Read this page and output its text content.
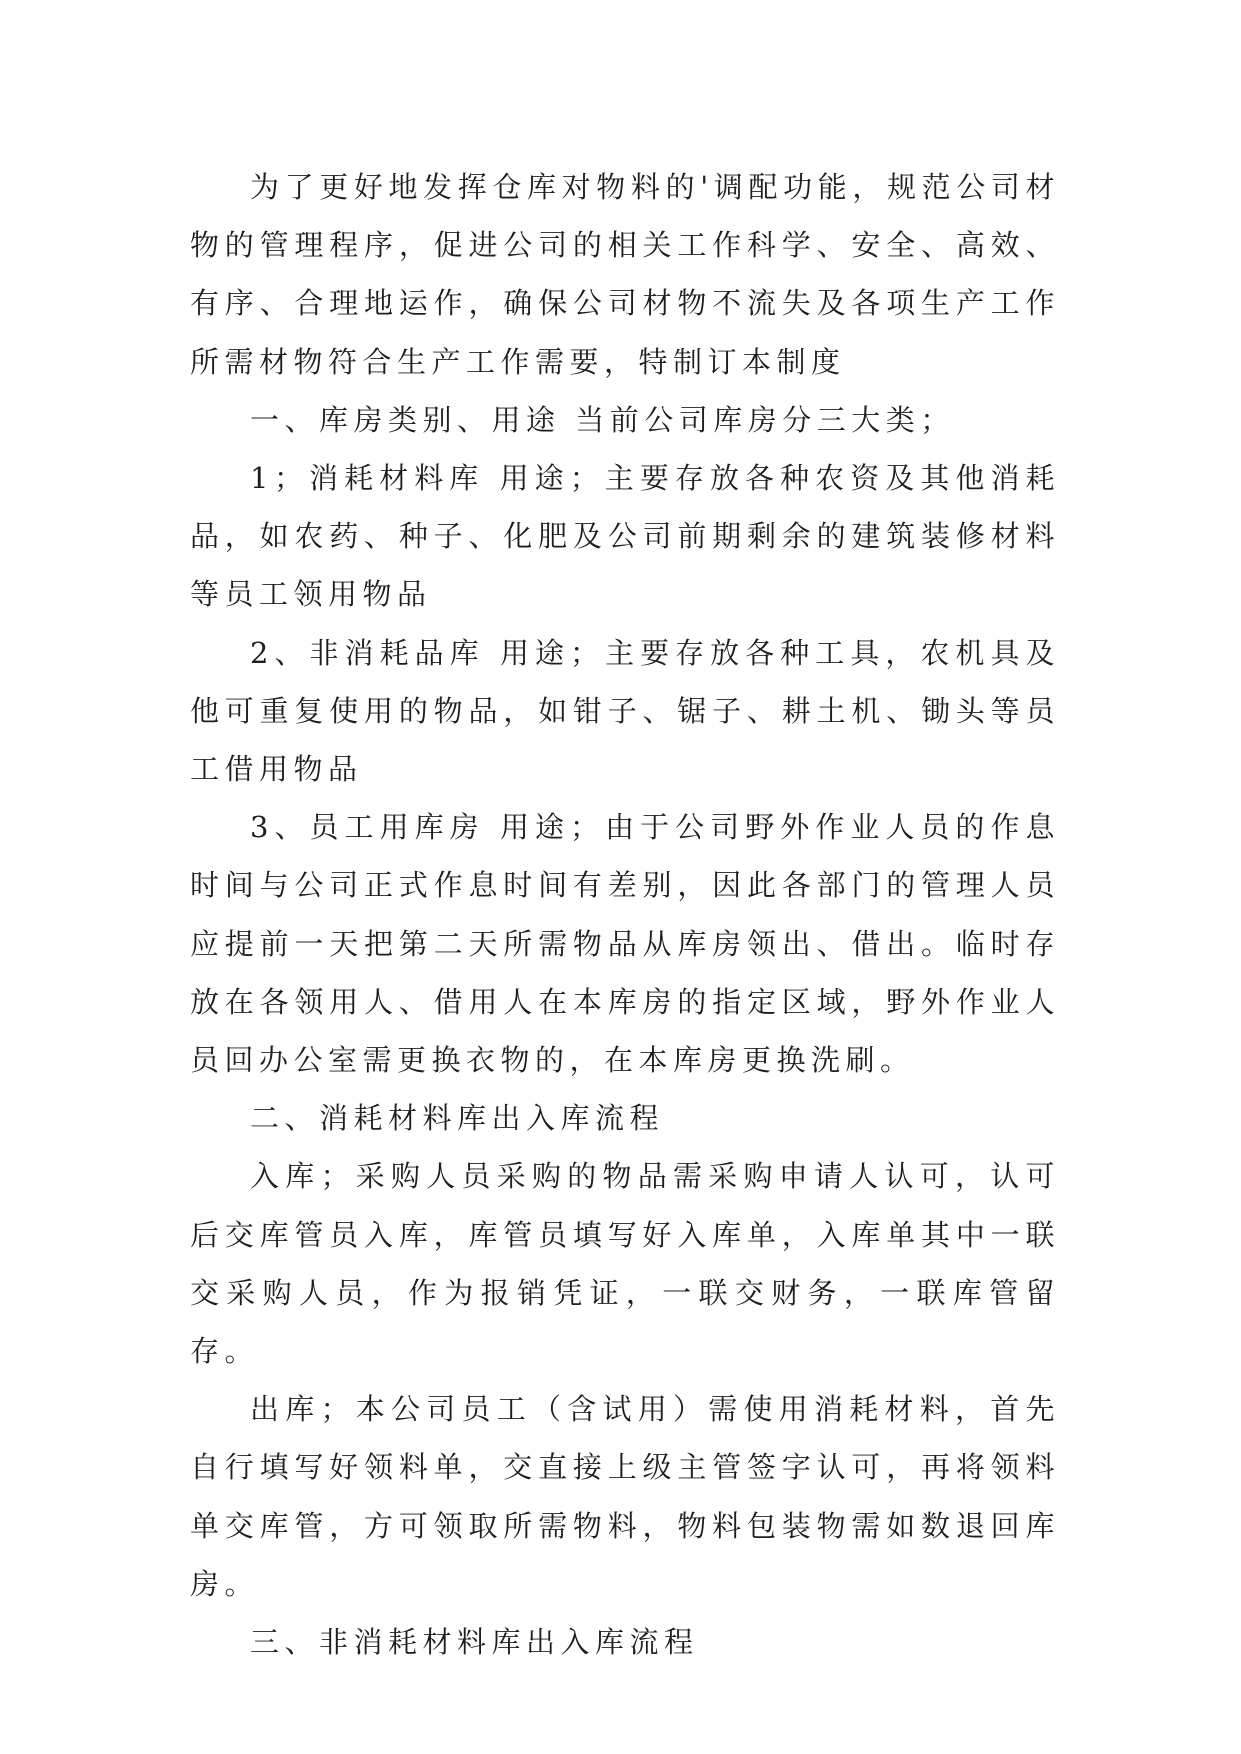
为了更好地发挥仓库对物料的'调配功能，规范公司材物的管理程序，促进公司的相关工作科学、安全、高效、有序、合理地运作，确保公司材物不流失及各项生产工作所需材物符合生产工作需要，特制订本制度

一、库房类别、用途 当前公司库房分三大类；

1；消耗材料库 用途；主要存放各种农资及其他消耗品，如农药、种子、化肥及公司前期剩余的建筑装修材料等员工领用物品

2、非消耗品库 用途；主要存放各种工具，农机具及他可重复使用的物品，如钳子、锯子、耕土机、锄头等员工借用物品

3、员工用库房 用途；由于公司野外作业人员的作息时间与公司正式作息时间有差别，因此各部门的管理人员应提前一天把第二天所需物品从库房领出、借出。临时存放在各领用人、借用人在本库房的指定区域，野外作业人员回办公室需更换衣物的，在本库房更换洗刷。

二、消耗材料库出入库流程

入库；采购人员采购的物品需采购申请人认可，认可后交库管员入库，库管员填写好入库单，入库单其中一联交采购人员，作为报销凭证，一联交财务，一联库管留存。

出库；本公司员工（含试用）需使用消耗材料，首先自行填写好领料单，交直接上级主管签字认可，再将领料单交库管，方可领取所需物料，物料包装物需如数退回库房。

三、非消耗材料库出入库流程
